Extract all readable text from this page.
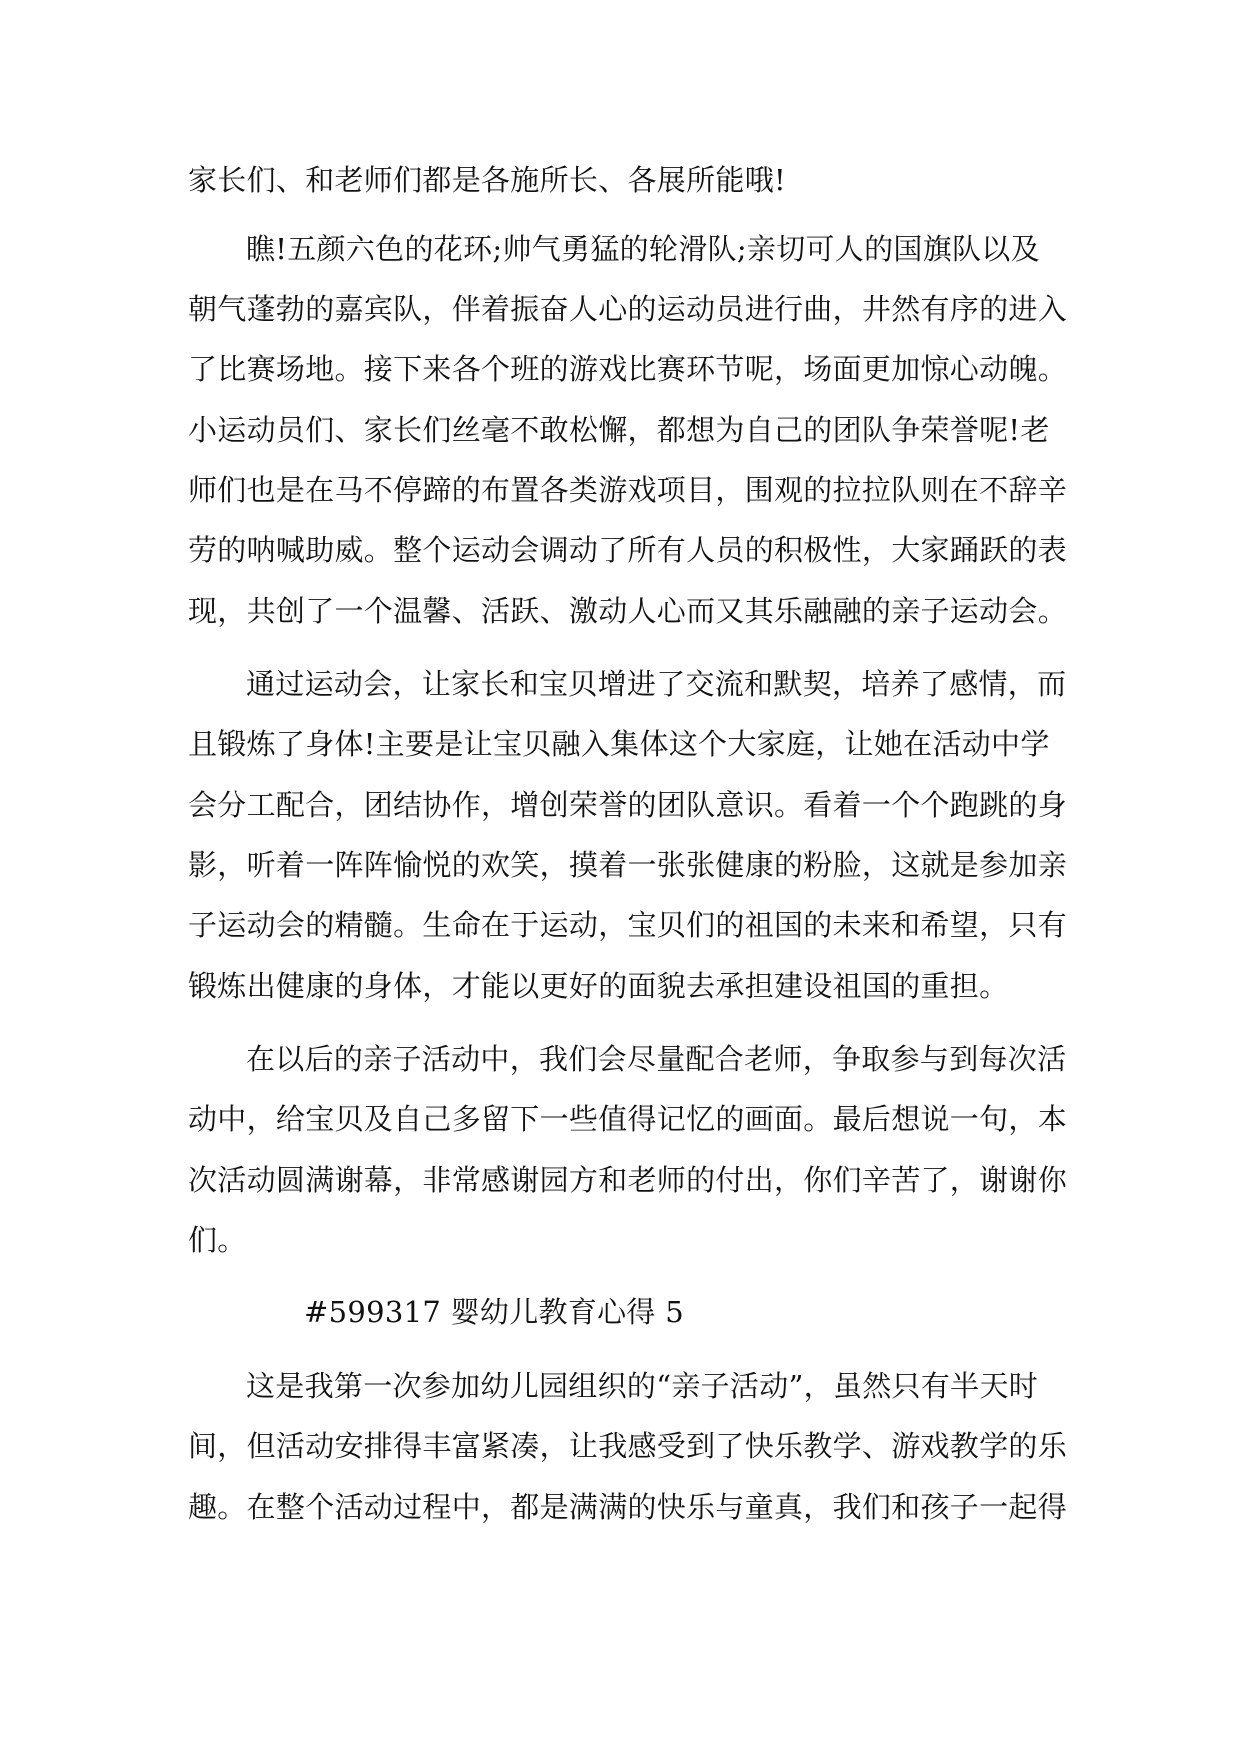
家长们、和老师们都是各施所长、各展所能哦!
瞧!五颜六色的花环;帅气勇猛的轮滑队;亲切可人的国旗队以及
朝气蓬勃的嘉宾队，伴着振奋人心的运动员进行曲，井然有序的进入
了比赛场地。接下来各个班的游戏比赛环节呢，场面更加惊心动魄。
小运动员们、家长们丝毫不敢松懈，都想为自己的团队争荣誉呢!老
师们也是在马不停蹄的布置各类游戏项目，围观的拉拉队则在不辞辛
劳的呐喊助威。整个运动会调动了所有人员的积极性，大家踊跃的表
现，共创了一个温馨、活跃、激动人心而又其乐融融的亲子运动会。
通过运动会，让家长和宝贝增进了交流和默契，培养了感情，而
且锻炼了身体!主要是让宝贝融入集体这个大家庭，让她在活动中学
会分工配合，团结协作，增创荣誉的团队意识。看着一个个跑跳的身
影，听着一阵阵愉悦的欢笑，摸着一张张健康的粉脸，这就是参加亲
子运动会的精髓。生命在于运动，宝贝们的祖国的未来和希望，只有
锻炼出健康的身体，才能以更好的面貌去承担建设祖国的重担。
在以后的亲子活动中，我们会尽量配合老师，争取参与到每次活
动中，给宝贝及自己多留下一些值得记忆的画面。最后想说一句，本
次活动圆满谢幕，非常感谢园方和老师的付出，你们辛苦了，谢谢你
们。
#599317 婴幼儿教育心得 5
这是我第一次参加幼儿园组织的“亲子活动”，虽然只有半天时
间，但活动安排得丰富紧凑，让我感受到了快乐教学、游戏教学的乐
趣。在整个活动过程中，都是满满的快乐与童真，我们和孩子一起得
